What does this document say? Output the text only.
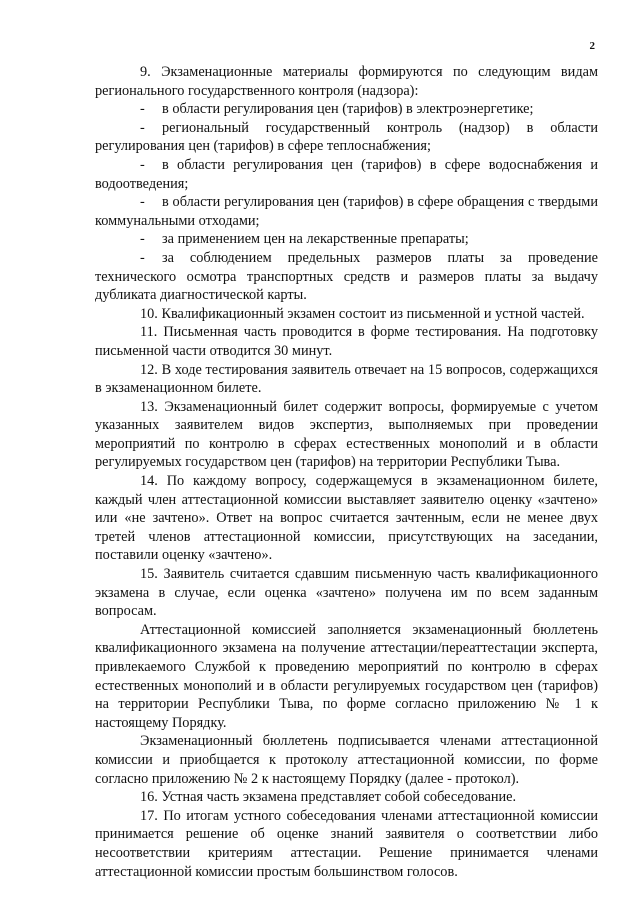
2

9. Экзаменационные материалы формируются по следующим видам регионального государственного контроля (надзора):

- в области регулирования цен (тарифов) в электроэнергетике;

- региональный государственный контроль (надзор) в области регулирования цен (тарифов) в сфере теплоснабжения;

- в области регулирования цен (тарифов) в сфере водоснабжения и водоотведения;

- в области регулирования цен (тарифов) в сфере обращения с твердыми коммунальными отходами;

- за применением цен на лекарственные препараты;

- за соблюдением предельных размеров платы за проведение технического осмотра транспортных средств и размеров платы за выдачу дубликата диагностической карты.

10. Квалификационный экзамен состоит из письменной и устной частей.

11. Письменная часть проводится в форме тестирования. На подготовку письменной части отводится 30 минут.

12. В ходе тестирования заявитель отвечает на 15 вопросов, содержащихся в экзаменационном билете.

13. Экзаменационный билет содержит вопросы, формируемые с учетом указанных заявителем видов экспертиз, выполняемых при проведении мероприятий по контролю в сферах естественных монополий и в области регулируемых государством цен (тарифов) на территории Республики Тыва.

14. По каждому вопросу, содержащемуся в экзаменационном билете, каждый член аттестационной комиссии выставляет заявителю оценку «зачтено» или «не зачтено». Ответ на вопрос считается зачтенным, если не менее двух третей членов аттестационной комиссии, присутствующих на заседании, поставили оценку «зачтено».

15. Заявитель считается сдавшим письменную часть квалификационного экзамена в случае, если оценка «зачтено» получена им по всем заданным вопросам.

Аттестационной комиссией заполняется экзаменационный бюллетень квалификационного экзамена на получение аттестации/переаттестации эксперта, привлекаемого Службой к проведению мероприятий по контролю в сферах естественных монополий и в области регулируемых государством цен (тарифов) на территории Республики Тыва, по форме согласно приложению № 1 к настоящему Порядку.

Экзаменационный бюллетень подписывается членами аттестационной комиссии и приобщается к протоколу аттестационной комиссии, по форме согласно приложению № 2 к настоящему Порядку (далее - протокол).

16. Устная часть экзамена представляет собой собеседование.

17. По итогам устного собеседования членами аттестационной комиссии принимается решение об оценке знаний заявителя о соответствии либо несоответствии критериям аттестации. Решение принимается членами аттестационной комиссии простым большинством голосов.
